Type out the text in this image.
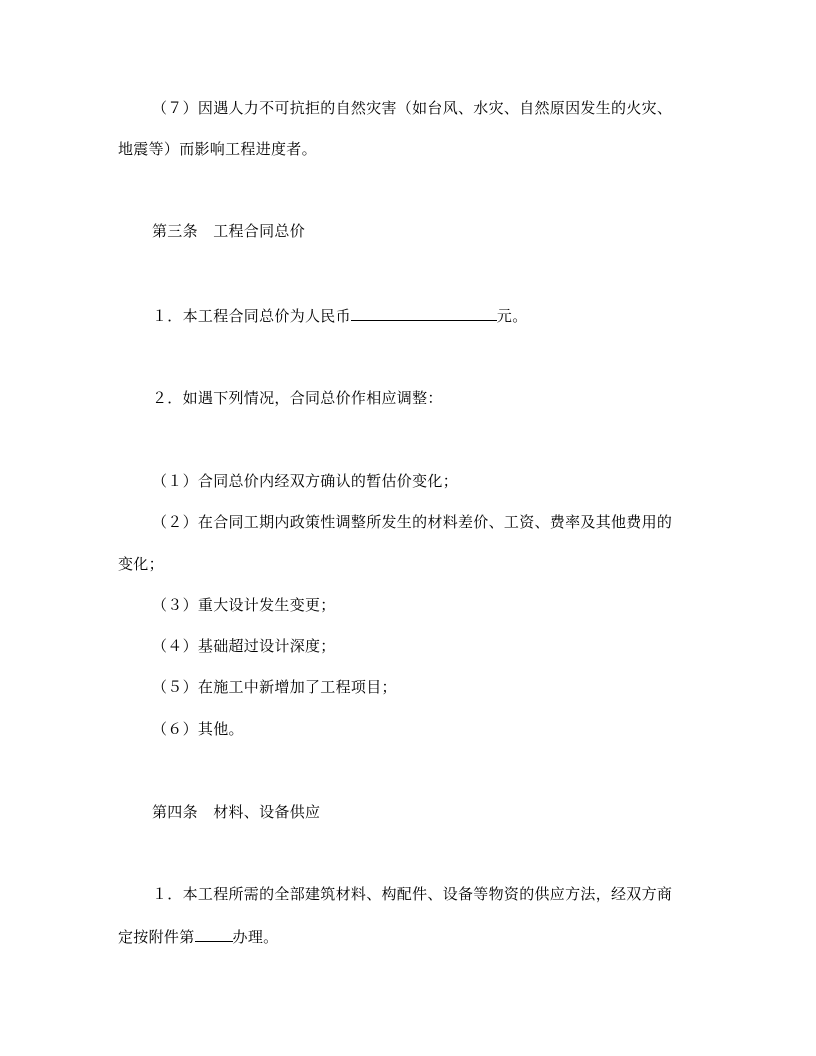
（７）因遇人力不可抗拒的自然灾害（如台风、水灾、自然原因发生的火灾、
地震等）而影响工程进度者。
第三条　工程合同总价
１．本工程合同总价为人民币	元。
２．如遇下列情况，合同总价作相应调整：
（１）合同总价内经双方确认的暂估价变化；
（２）在合同工期内政策性调整所发生的材料差价、工资、费率及其他费用的
变化；
（３）重大设计发生变更；
（４）基础超过设计深度；
（５）在施工中新增加了工程项目；
（６）其他。
第四条　材料、设备供应
１．本工程所需的全部建筑材料、构配件、设备等物资的供应方法，经双方商
定按附件第	办理。
